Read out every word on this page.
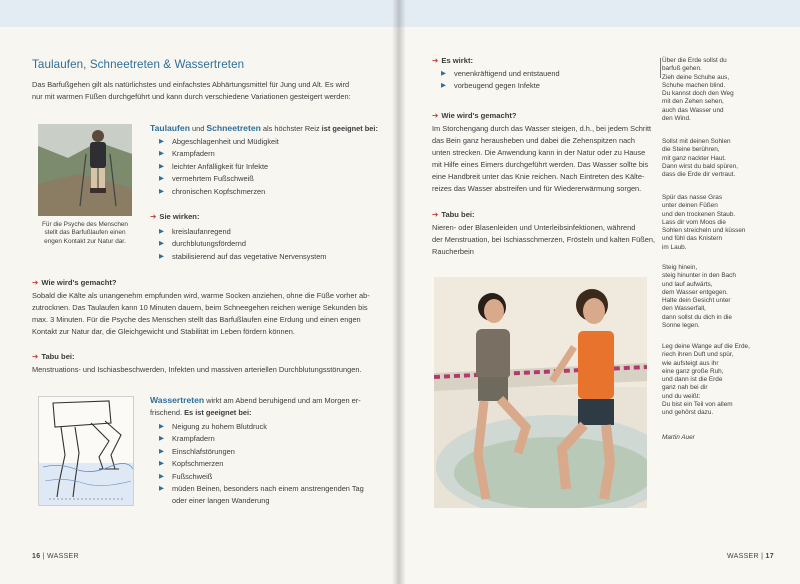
Taulaufen, Schneetreten & Wassertreten
Das Barfußgehen gilt als natürlichstes und einfachstes Abhärtungsmittel für Jung und Alt. Es wird
nur mit warmen Füßen durchgeführt und kann durch verschiedene Variationen gesteigert werden:
Für die Psyche des Menschen
stellt das Barfußlaufen einen
engen Kontakt zur Natur dar.
Taulaufen und Schneetreten als höchster Reiz ist geeignet bei:
▶ Abgeschlagenheit und Müdigkeit
▶ Krampfadern
▶ leichter Anfälligkeit für Infekte
▶ vermehrtem Fußschweiß
▶ chronischen Kopfschmerzen
➔ Sie wirken:
▶ kreislaufanregend
▶ durchblutungsfördernd
▶ stabilisierend auf das vegetative Nervensystem
➔ Wie wird's gemacht?
Sobald die Kälte als unangenehm empfunden wird, warme Socken anziehen, ohne die Füße vorher ab-
zutrocknen. Das Taulaufen kann 10 Minuten dauern, beim Schneegehen reichen wenige Sekunden bis
max. 3 Minuten. Für die Psyche des Menschen stellt das Barfußlaufen eine Erdung und einen engen
Kontakt zur Natur dar, die Gleichgewicht und Stabilität im Leben fördern können.
➔ Tabu bei:
Menstruations- und Ischiasbeschwerden, Infekten und massiven arteriellen Durchblutungsstörungen.
Wassertreten wirkt am Abend beruhigend und am Morgen er-
frischend. Es ist geeignet bei:
▶ Neigung zu hohem Blutdruck
▶ Krampfadern
▶ Einschlafstörungen
▶ Kopfschmerzen
▶ Fußschweiß
▶ müden Beinen, besonders nach einem anstrengenden Tag
oder einer langen Wanderung
16 | WASSER
➔ Es wirkt:
▶ venenkräftigend und entstauend
▶ vorbeugend gegen Infekte
➔ Wie wird's gemacht?
Im Storchengang durch das Wasser steigen, d.h., bei jedem Schritt
das Bein ganz herausheben und dabei die Zehenspitzen nach
unten strecken. Die Anwendung kann in der Natur oder zu Hause
mit Hilfe eines Eimers durchgeführt werden. Das Wasser sollte bis
eine Handbreit unter das Knie reichen. Nach Eintreten des Kälte-
reizes das Wasser abstreifen und für Wiedererwärmung sorgen.
➔ Tabu bei:
Nieren- oder Blasenleiden und Unterleibsinfektionen, während
der Menstruation, bei Ischiasschmerzen, Frösteln und kalten Füßen,
Raucherbein
Über die Erde sollst du
barfuß gehen.
Zieh deine Schuhe aus,
Schuhe machen blind.
Du kannst doch den Weg
mit den Zehen sehen,
auch das Wasser und
den Wind.
Sollst mit deinen Sohlen
die Steine berühren,
mit ganz nackter Haut.
Dann wirst du bald spüren,
dass die Erde dir vertraut.
Spür das nasse Gras
unter deinen Füßen
und den trockenen Staub.
Lass dir vom Moos die
Sohlen streicheln und küssen
und fühl das Knistern
im Laub.
Steig hinein,
steig hinunter in den Bach
und lauf aufwärts,
dem Wasser entgegen.
Halte dein Gesicht unter
den Wasserfall,
dann sollst du dich in die
Sonne legen.
Leg deine Wange auf die Erde,
riech ihren Duft und spür,
wie aufsteigt aus ihr
eine ganz große Ruh,
und dann ist die Erde
ganz nah bei dir
und du weißt:
Du bist ein Teil von allem
und gehörst dazu.
Martin Auer
WASSER | 17
